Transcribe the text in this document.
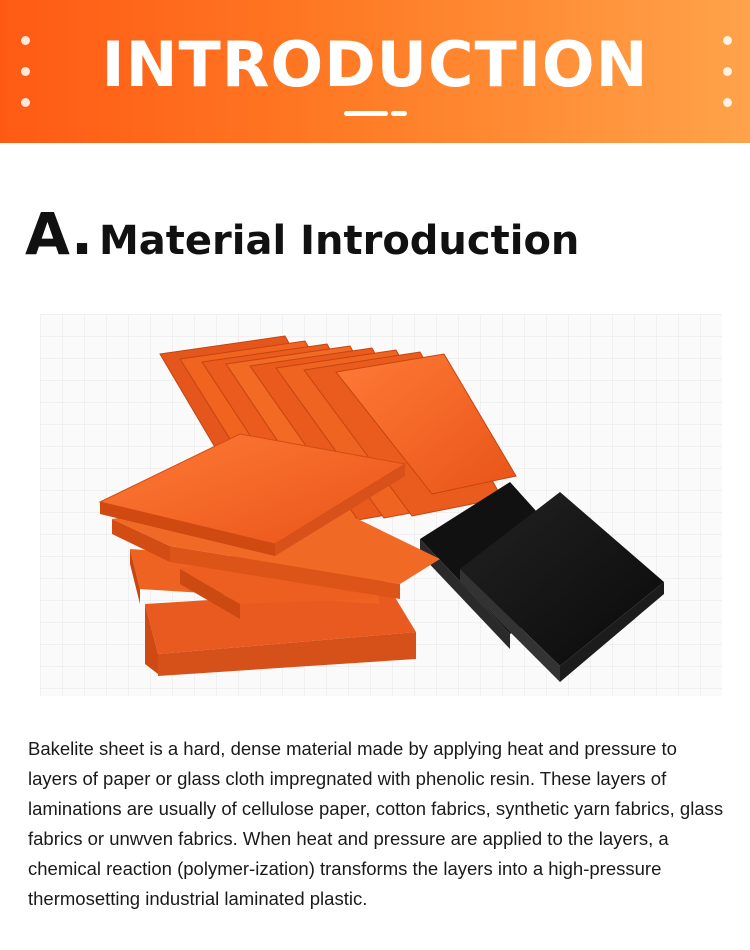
INTRODUCTION
A. Material Introduction
Bakelite sheet is a hard, dense material made by applying heat and pressure to layers of paper or glass cloth impregnated with phenolic resin. These layers of laminations are usually of cellulose paper, cotton fabrics, synthetic yarn fabrics, glass fabrics or unwven fabrics. When heat and pressure are applied to the layers, a chemical reaction (polymer-ization) transforms the layers into a high-pressure thermosetting industrial laminated plastic.
